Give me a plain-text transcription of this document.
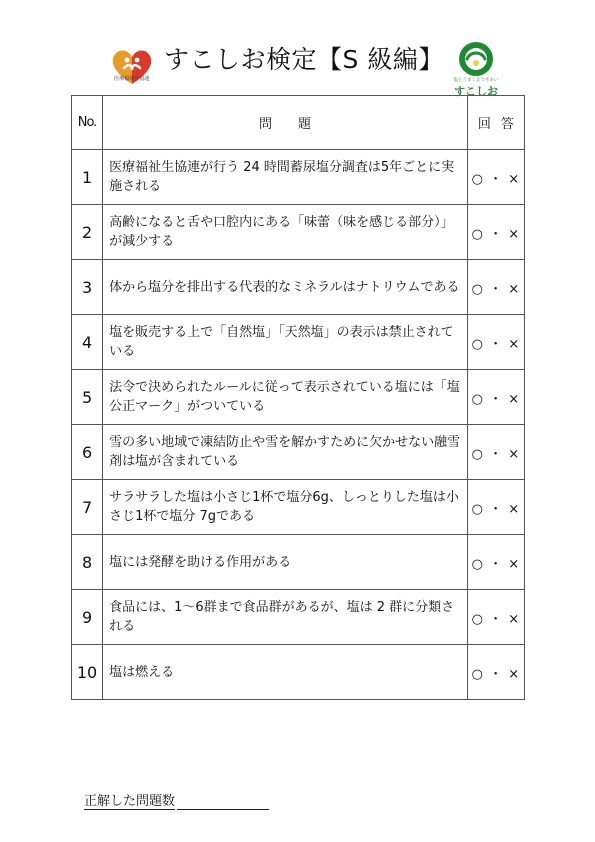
医療福祉生協連
すこしお検定【S 級編】
塩とうまくおつきあい
すこしお
No.	問題	回答
1	医療福祉生協連が行う 24 時間蓄尿塩分調査は5年ごとに実施される	○ ・ ×
2	高齢になると舌や口腔内にある「味蕾（味を感じる部分）」が減少する	○ ・ ×
3	体から塩分を排出する代表的なミネラルはナトリウムである	○ ・ ×
4	塩を販売する上で「自然塩」「天然塩」の表示は禁止されている	○ ・ ×
5	法令で決められたルールに従って表示されている塩には「塩公正マーク」がついている	○ ・ ×
6	雪の多い地域で凍結防止や雪を解かすために欠かせない融雪剤は塩が含まれている	○ ・ ×
7	サラサラした塩は小さじ1杯で塩分6g、しっとりした塩は小さじ1杯で塩分 7gである	○ ・ ×
8	塩には発酵を助ける作用がある	○ ・ ×
9	食品には、1～6群まで食品群があるが、塩は 2 群に分類される	○ ・ ×
10	塩は燃える	○ ・ ×
正解した問題数
